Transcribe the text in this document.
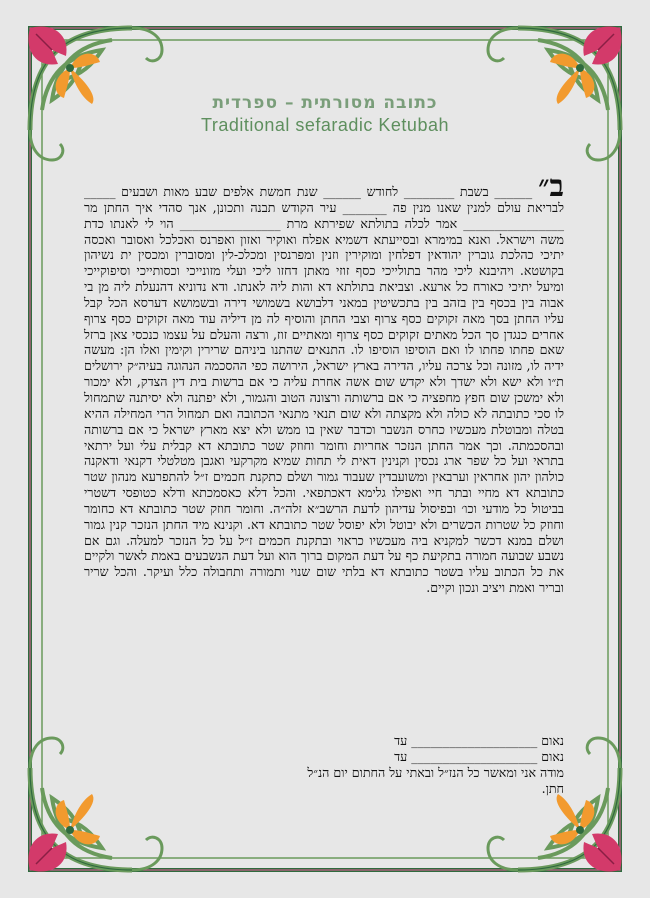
כתובה מסורתית – ספרדית
Traditional sefaradic Ketubah

ב״______ בשבת ________ לחודש ______ שנת חמשת אלפים שבע מאות ושבעים _____ לבריאת עולם למנין שאנו מנין פה _______ עיר הקודש תבנה ותכונן, אנך סהדי איך החתן מר ________________ אמר לכלה בתולתא שפירתא מרת ________________ הוי לי לאנתו כדת משה וישראל. ואנא במימרא ובסייעתא דשמיא אפלח ואוקיר ואזון ואפרנס ואכלכל ואסובר ואכסה יתיכי כהלכת גוברין יהודאין דפלחין ומוקירין וזנין ומפרנסין ומכלכ-לין ומסוברין ומכסין ית נשיהון בקושטא. ויהיבנא ליכי מהר בתולייכי כסף זוזי מאתן דחזו ליכי ועלי מזונייכי וכסותייכי וסיפוקייכי ומיעל יתיכי כאורח כל ארעא. וצביאת בתולתא דא והות ליה לאנתו. ודא נדוניא דהנעלת ליה מן בי אבוה בין בכסף בין בזהב בין בתכשיטין במאני דלבושא בשמושי דירה ובשמושא דערסא הכל קבל עליו החתן בסך מאה זקוקים כסף צרוף וצבי החתן והוסיף לה מן דיליה עוד מאה זקוקים כסף צרוף אחרים כנגדן סך הכל מאתים זקוקים כסף צרוף ומאתיים זוז, ורצה והעלם על עצמו כנכסי צאן ברזל שאם פחתו פחתו לו ואם הוסיפו הוסיפו לו. התנאים שהתנו ביניהם שרירין וקימין ואלו הן: מעשה ידיה לו, מזונה וכל צרכה עליו, הדירה בארץ ישראל, הירושה כפי ההסכמה הנהוגה בעיה״ק ירושלים ת״ו ולא ישא ולא ישדך ולא יקדש שום אשה אחרת עליה כי אם ברשות בית דין הצדק, ולא ימכור ולא ימשכן שום חפץ מחפציה כי אם ברשותה ורצונה הטוב והגמור, ולא יפתנה ולא יסיתנה שתמחול לו סכי כתובתה לא כולה ולא מקצתה ולא שום תנאי מתנאי הכתובה ואם תמחול הרי המחילה ההיא בטלה ומבוטלת מעכשיו כחרס הנשבר וכדבר שאין בו ממש ולא יצא מארץ ישראל כי אם ברשותה ובהסכמתה. וכך אמר החתן הנזכר אחריות וחומר וחוזק שטר כתובתא דא קבלית עלי ועל ירתאי בתראי ועל כל שפר ארג נכסין וקנינין דאית לי תחות שמיא מקרקעי ואגבן מטלטלי דקנאי ודאקנה כולהון יהון אחראין וערבאין ומשועבדין שעבוד גמור ושלם כתקנת חכמים ז״ל להתפרעא מנהון שטר כתובתא דא מחיי ובתר חיי ואפילו גלימא דאכתפאי. והכל דלא כאסמכתא ודלא כטופסי דשטרי בביטול כל מודעי וכו׳ ובפיסול עדיהון לדעת הרשב״א זלה״ה. וחומר חוזק שטר כתובתא דא כחומר וחוזק כל שטרות הכשרים ולא יבוטל ולא יפוסל שטר כתובתא דא. וקנינא מיד החתן הנזכר קנין גמור ושלם במנא דכשר למקניא ביה מעכשיו כראוי ובתקנת חכמים ז״ל על כל הנזכר למעלה. וגם אם נשבע שבועה חמורה בתקיעת כף על דעת המקום ברוך הוא ועל דעת הנשבעים באמת לאשר ולקיים את כל הכתוב עליו בשטר כתובתא דא בלתי שום שנוי ותמורה ותחבולה כלל ועיקר. והכל שריר ובריר ואמת ויציב ונכון וקיים.

נאום ____________________ עד
נאום ____________________ עד
מודה אני ומאשר כל הנז״ל ובאתי על החתום יום הנ״ל
חתן.
